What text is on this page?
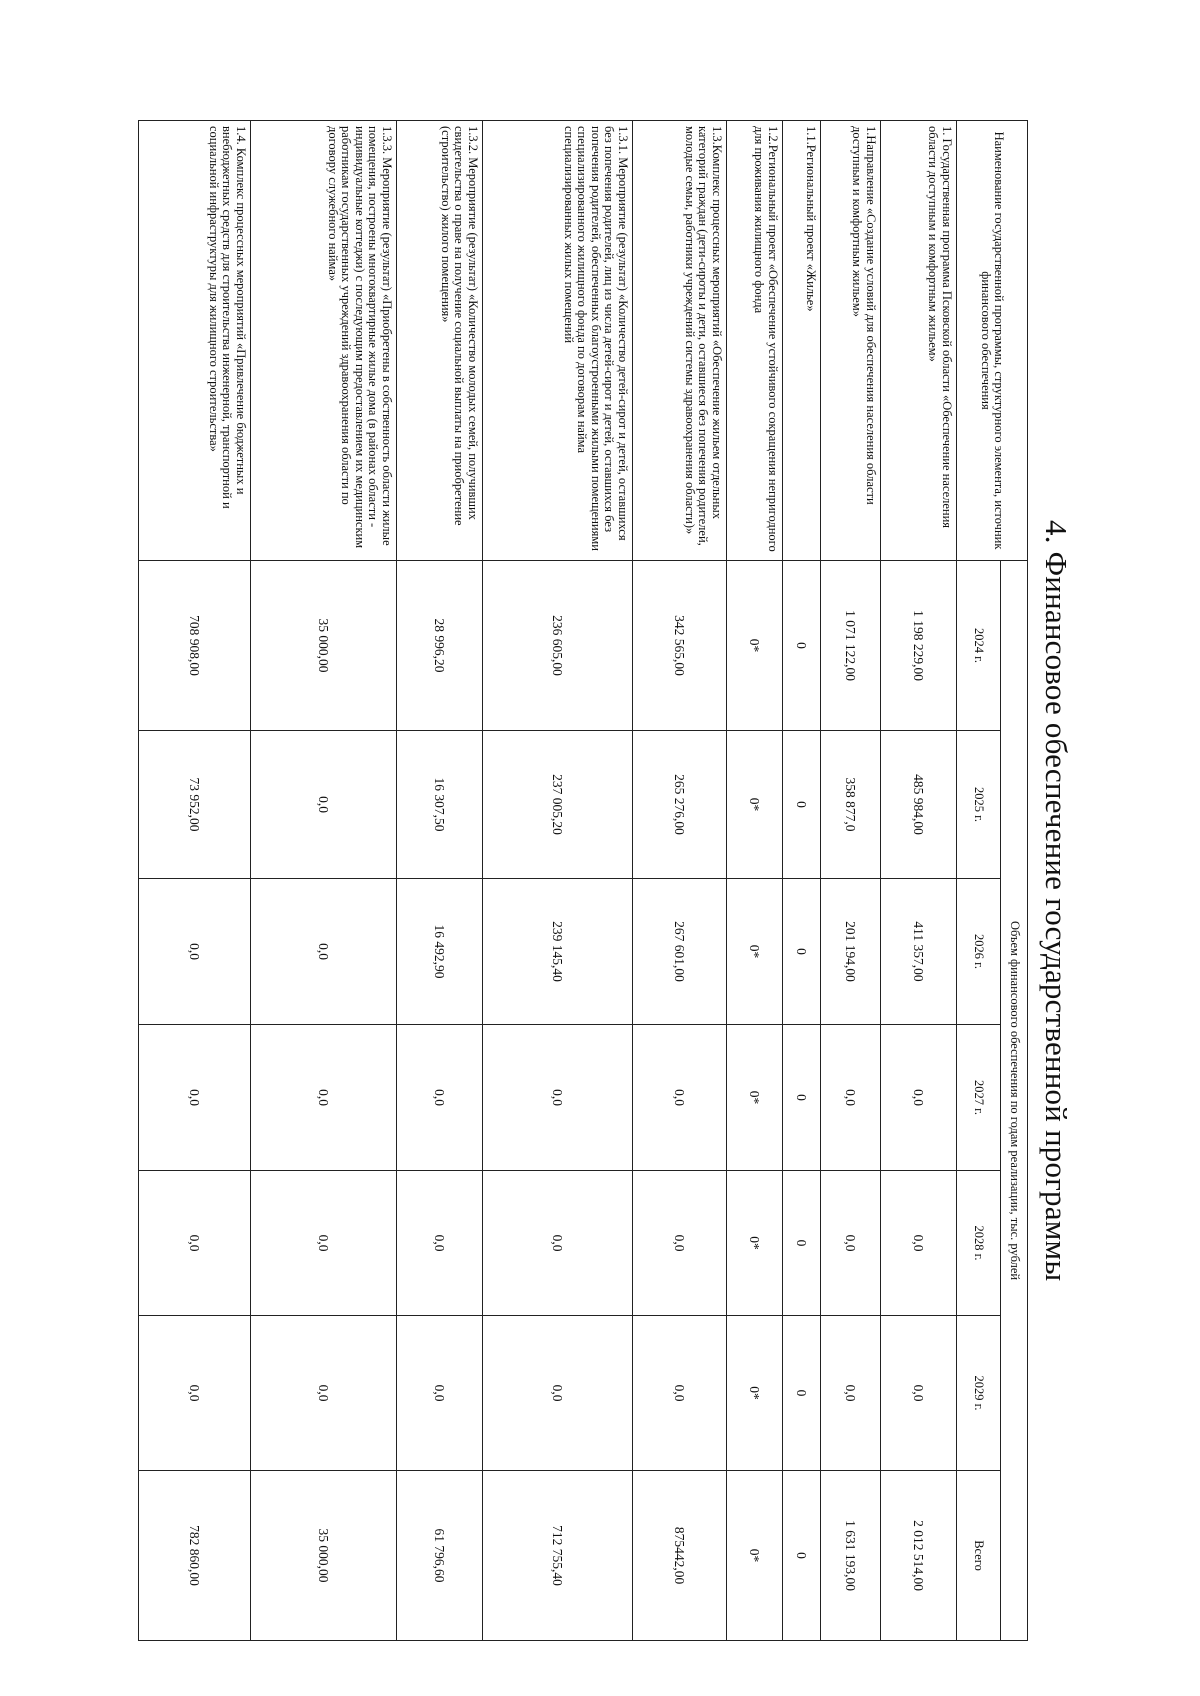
4. Финансовое обеспечение государственной программы
Наименование государственной программы, структурного элемента, источник финансового обеспечения	Объем финансового обеспечения по годам реализации, тыс. рублей						
	2024 г.	2025 г.	2026 г.	2027 г.	2028 г.	2029 г.	Всего
1. Государственная программа Псковской области «Обеспечение населения области доступным и комфортным жильем»	1 198 229,00	485 984,00	411 357,00	0,0	0,0	0,0	2 012 514,00
1.Направление «Создание условий для обеспечения населения области доступным и комфортным жильем»	1 071 122,00	358 877,0	201 194,00	0,0	0,0	0,0	1 631 193,00
1.1.Региональный проект «Жилье»	0	0	0	0	0	0	0
1.2.Региональный проект «Обеспечение устойчивого сокращения непригодного для проживания жилищного фонда	0*	0*	0*	0*	0*	0*	0*
1.3.Комплекс процессных мероприятий «Обеспечение жильем отдельных категорий граждан (дети-сироты и дети, оставшиеся без попечения родителей, молодые семьи, работники учреждений системы здравоохранения области)»	342 565,00	265 276,00	267 601,00	0,0	0,0	0,0	875442,00
1.3.1. Мероприятие (результат) «Количество детей-сирот и детей, оставшихся без попечения родителей, лиц из числа детей-сирот и детей, оставшихся без попечения родителей, обеспеченных благоустроенными жилыми помещениями специализированного жилищного фонда по договорам найма специализированных жилых помещений	236 605,00	237 005,20	239 145,40	0,0	0,0	0,0	712 755,40
1.3.2. Мероприятие (результат) «Количество молодых семей, получивших свидетельства о праве на получение социальной выплаты на приобретение (строительство) жилого помещения»	28 996,20	16 307,50	16 492,90	0,0	0,0	0,0	61 796,60
1.3.3. Мероприятие (результат) «Приобретены в собственность области жилые помещения, построены многоквартирные жилые дома (в районах области - индивидуальные коттеджи) с последующим предоставлением их медицинским работникам государственных учреждений здравоохранения области по договору служебного найма»	35 000,00	0,0	0,0	0,0	0,0	0,0	35 000,00
1.4. Комплекс процессных мероприятий «Привлечение бюджетных и внебюджетных средств для строительства инженерной, транспортной и социальной инфраструктуры для жилищного строительства»	708 908,00	73 952,00	0,0	0,0	0,0	0,0	782 860,00
